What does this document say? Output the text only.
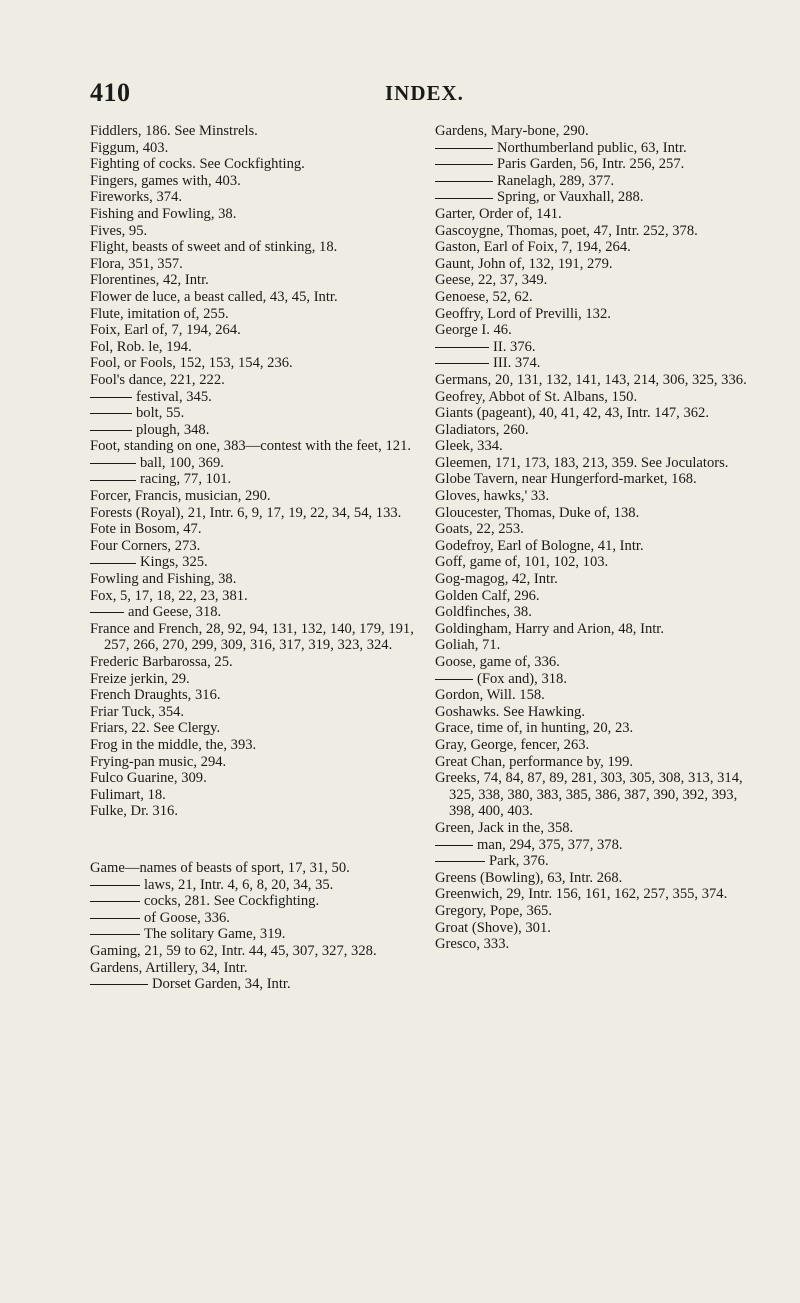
410	INDEX.

Fiddlers, 186. See Minstrels.

Figgum, 403.

Fighting of cocks. See Cockfighting.

Fingers, games with, 403.

Fireworks, 374.

Fishing and Fowling, 38.

Fives, 95.

Flight, beasts of sweet and of stinking, 18.

Flora, 351, 357.

Florentines, 42, Intr.

Flower de luce, a beast called, 43, 45, Intr.

Flute, imitation of, 255.

Foix, Earl of, 7, 194, 264.

Fol, Rob. le, 194.

Fool, or Fools, 152, 153, 154, 236.

Fool's dance, 221, 222.

festival, 345.

bolt, 55.

plough, 348.

Foot, standing on one, 383—contest with the feet, 121.

ball, 100, 369.

racing, 77, 101.

Forcer, Francis, musician, 290.

Forests (Royal), 21, Intr. 6, 9, 17, 19, 22, 34, 54, 133.

Fote in Bosom, 47.

Four Corners, 273.

Kings, 325.

Fowling and Fishing, 38.

Fox, 5, 17, 18, 22, 23, 381.

and Geese, 318.

France and French, 28, 92, 94, 131, 132, 140, 179, 191, 257, 266, 270, 299, 309, 316, 317, 319, 323, 324.

Frederic Barbarossa, 25.

Freize jerkin, 29.

French Draughts, 316.

Friar Tuck, 354.

Friars, 22. See Clergy.

Frog in the middle, the, 393.

Frying-pan music, 294.

Fulco Guarine, 309.

Fulimart, 18.

Fulke, Dr. 316.

Game—names of beasts of sport, 17, 31, 50.

laws, 21, Intr. 4, 6, 8, 20, 34, 35.

cocks, 281. See Cockfighting.

of Goose, 336.

The solitary Game, 319.

Gaming, 21, 59 to 62, Intr. 44, 45, 307, 327, 328.

Gardens, Artillery, 34, Intr.

Dorset Garden, 34, Intr.

Gardens, Mary-bone, 290.

Northumberland public, 63, Intr.

Paris Garden, 56, Intr. 256, 257.

Ranelagh, 289, 377.

Spring, or Vauxhall, 288.

Garter, Order of, 141.

Gascoygne, Thomas, poet, 47, Intr. 252, 378.

Gaston, Earl of Foix, 7, 194, 264.

Gaunt, John of, 132, 191, 279.

Geese, 22, 37, 349.

Genoese, 52, 62.

Geoffry, Lord of Previlli, 132.

George I. 46.

II. 376.

III. 374.

Germans, 20, 131, 132, 141, 143, 214, 306, 325, 336.

Geofrey, Abbot of St. Albans, 150.

Giants (pageant), 40, 41, 42, 43, Intr. 147, 362.

Gladiators, 260.

Gleek, 334.

Gleemen, 171, 173, 183, 213, 359. See Joculators.

Globe Tavern, near Hungerford-market, 168.

Gloves, hawks,' 33.

Gloucester, Thomas, Duke of, 138.

Goats, 22, 253.

Godefroy, Earl of Bologne, 41, Intr.

Goff, game of, 101, 102, 103.

Gog-magog, 42, Intr.

Golden Calf, 296.

Goldfinches, 38.

Goldingham, Harry and Arion, 48, Intr.

Goliah, 71.

Goose, game of, 336.

(Fox and), 318.

Gordon, Will. 158.

Goshawks. See Hawking.

Grace, time of, in hunting, 20, 23.

Gray, George, fencer, 263.

Great Chan, performance by, 199.

Greeks, 74, 84, 87, 89, 281, 303, 305, 308, 313, 314, 325, 338, 380, 383, 385, 386, 387, 390, 392, 393, 398, 400, 403.

Green, Jack in the, 358.

man, 294, 375, 377, 378.

Park, 376.

Greens (Bowling), 63, Intr. 268.

Greenwich, 29, Intr. 156, 161, 162, 257, 355, 374.

Gregory, Pope, 365.

Groat (Shove), 301.

Gresco, 333.
